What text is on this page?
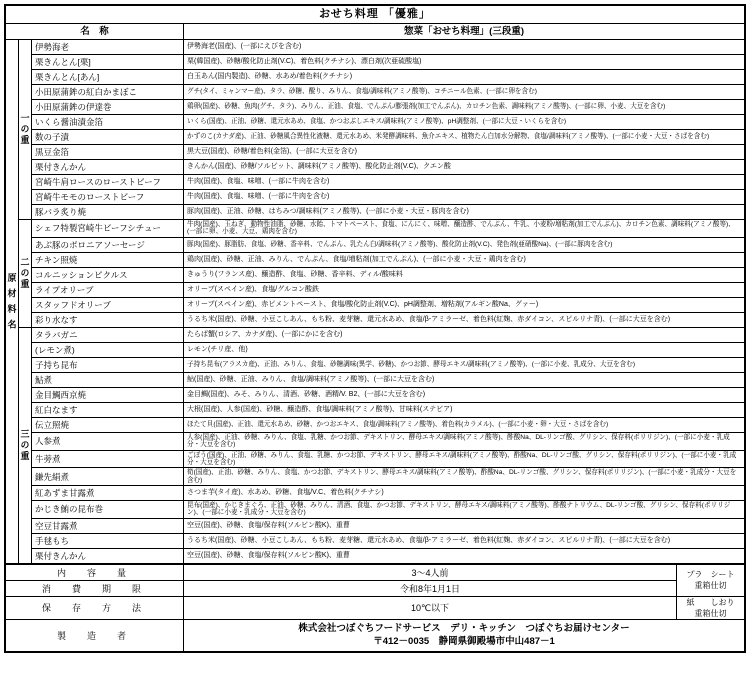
おせち料理 「優雅」			
名　称			惣菜「おせち料理」(三段重)
原 材 料 名	一の重	伊勢海老	伊勢海老(国産)、(一部にえびを含む)
		栗きんとん[栗]	栗(韓国産)、砂糖/酸化防止剤(V.C)、着色料(クチナシ)、漂白剤(次亜硫酸塩)
		栗きんとん[あん]	白玉あん(国内製造)、砂糖、水あめ/着色料(クチナシ)
		小田原蒲鉾の紅白かまぼこ	グチ(タイ、ミャンマー産)、タラ、砂糖、醗り、みりん、食塩/調味料(アミノ酸等)、コチニール色素、(一部に卵を含む)
		小田原蒲鉾の伊達巻	鶏卵(国産)、砂糖、魚肉(グチ、タラ)、みりん、正油、食塩、でんぷん/膨張剤(加工でんぷん)、カロチン色素、調味料(アミノ酸等)、(一部に卵、小麦、大豆を含む)
		いくら醤油漬金箔	いくら(国産)、正油、砂糖、還元水あめ、食塩、かつおぶしエキス/調味料(アミノ酸等)、pH調整剤、(一部に大豆・いくらを含む)
		数の子漬	かずのこ(カナダ産)、正油、砂糖風合異性化液糖、還元水あめ、米発酵調味料、魚介エキス、植物たん白加水分解物、食塩/調味料(アミノ酸等)、(一部に小麦・大豆・さばを含む)
		黒豆金箔	黒大豆(国産)、砂糖/着色料(金箔)、(一部に大豆を含む)
		栗付きんかん	きんかん(国産)、砂糖/ソルビット、調味料(アミノ酸等)、酸化防止剤(V.C)、クエン酸
		宮崎牛肩ロースのローストビーフ	牛肉(国産)、食塩、味噌、(一部に牛肉を含む)
		宮崎牛モモのローストビーフ	牛肉(国産)、食塩、味噌、(一部に牛肉を含む)
		豚バラ炙り焼	豚肉(国産)、正油、砂糖、はちみつ/調味料(アミノ酸等)、(一部に小麦・大豆・豚肉を含む)
	二の重	シェフ特製宮崎牛ビーフシチュー	牛肉(国産)、玉ねぎ、動物性油脂、砂糖、水飴、トマトペースト、食塩、にんにく、味噌、醸造酢、でんぷん、牛乳、小麦粉/増粘剤(加工でんぷん)、カロチン色素、調味料(アミノ酸等)、(一部に卵、小麦、大豆、鶏肉を含む)
		あぶ豚のボロニアソーセージ	豚肉(国産)、豚脂肪、食塩、砂糖、香辛料、でんぷん、乳たん白/調味料(アミノ酸等)、酸化防止剤(V.C)、発色剤(亜硝酸Na)、(一部に豚肉を含む)
		チキン照焼	鶏肉(国産)、砂糖、正油、みりん、でんぷん、食塩/増粘剤(加工でんぷん)、(一部に小麦・大豆・鶏肉を含む)
		コルニッションピクルス	きゅうり(フランス産)、醸造酢、食塩、砂糖、香辛料、ディル/酸味料
		ライプオリーブ	オリーブ(スペイン産)、食塩/グルコン酸鉄
		スタッフドオリーブ	オリーブ(スペイン産)、赤ピメントペースト、食塩/酸化防止剤(V.C)、pH調整剤、増粘剤(アルギン酸Na、グァー)
		彩り水なす	うるち米(国産)、砂糖、小豆こしあん、もち粉、麦芽糖、還元水あめ、食塩/β-アミラーゼ、着色料(紅麹、赤ダイコン、スピルリナ青)、(一部に大豆を含む)
	三の重	タラバガニ	たらば蟹(ロシア、カナダ産)、(一部にかにを含む)
		(レモン煮)	レモン(チリ産、他)
		子持ち昆布	子持ち昆布(アラスカ産)、正油、みりん、食塩、砂糖調味(異学、砂糖)、かつお節、酵母エキス/調味料(アミノ酸等)、(一部に小麦、乳成分、大豆を含む)
		鮎煮	鮎(国産)、砂糖、正油、みりん、食塩/調味料(アミノ酸等)、(一部に大豆を含む)
		金目鯛西京焼	金目鯛(国産)、みそ、みりん、清酒、砂糖、酒精/V. B2、(一部に大豆を含む)
		紅白なます	大根(国産)、人参(国産)、砂糖、醸造酢、食塩/調味料(アミノ酸等)、甘味料(ステビア)
		伝立照焼	ほたて貝(国産)、正油、還元水あめ、砂糖、かつおエキス、食塩/調味料(アミノ酸等)、着色料(カラメル)、(一部に小麦・卵・大豆・さばを含む)
		人参煮	人参(国産)、正油、砂糖、みりん、食塩、乳糖、かつお節、デキストリン、酵母エキス/調味料(アミノ酸等)、酢酸Na、DL-リンゴ酸、グリシン、保存料(ポリリジン)、(一部に小麦・乳成分・大豆を含む)
		牛蒡煮	ごぼう(国産)、正油、砂糖、みりん、食塩、乳糖、かつお節、デキストリン、酵母エキス/調味料(アミノ酸等)、酢酸Na、DL-リンゴ酸、グリシン、保存料(ポリリジン)、(一部に小麦・乳成分・大豆を含む)
		鎌先絹煮	筍(国産)、正油、砂糖、みりん、食塩、かつお節、デキストリン、酵母エキス/調味料(アミノ酸等)、酢酸Na、DL-リンゴ酸、グリシン、保存料(ポリリジン)、(一部に小麦・乳成分・大豆を含む)
		紅あずま甘露煮	さつま芋(タイ産)、水あめ、砂糖、食塩/V.C、着色料(クチナシ)
		かじき鮪の昆布巻	昆布(国産)、かじきまぐろ、正油、砂糖、みりん、清酒、食塩、かつお節、デキストリン、酵母エキス/調味料(アミノ酸等)、酢酸ナトリウム、DL-リンゴ酸、グリシン、保存料(ポリリジン)、(一部に小麦・乳成分・大豆を含む)
		空豆甘露煮	空豆(国産)、砂糖、食塩/保存料(ソルビン酸K)、重曹
		手毬もち	うるち米(国産)、砂糖、小豆こしあん、もち粉、麦芽糖、還元水あめ、食塩/β-アミラーゼ、着色料(紅麹、赤ダイコン、スピルリナ青)、(一部に大豆を含む)
		栗付きんかん	空豆(国産)、砂糖、食塩/保存料(ソルビン酸K)、重曹
内　容　量	3～4人前	プラ　シート
重箱仕切

消　費　期　限	令和8年1月1日	
保　存　方　法	10℃以下	紙　　しおり
重箱仕切

製　造　者	株式会社つぼぐちフードサービス　デリ・キッチン　つぼぐちお届けセンター
〒412－0035　静岡県御殿場市中山487－1	
